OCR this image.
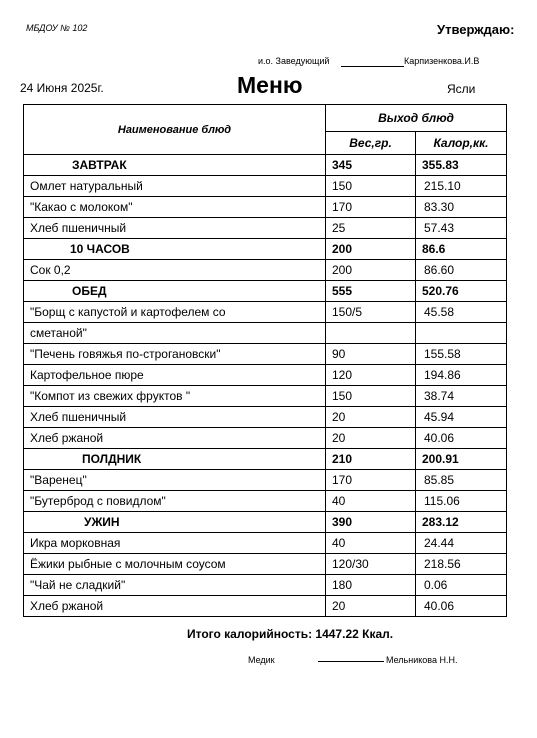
МБДОУ № 102	Утверждаю:
и.о. Заведующий	Карпизенкова.И.В
24 Июня 2025г.	Меню	Ясли
Наименование блюд	Выход блюд	
	Вес,гр.	Калор,кк.
ЗАВТРАК	345	355.83
Омлет натуральный	150	215.10
"Какао с молоком"	170	83.30
Хлеб пшеничный	25	57.43
10 ЧАСОВ	200	86.6
Сок 0,2	200	86.60
ОБЕД	555	520.76
"Борщ с капустой и картофелем со	150/5	45.58
сметаной"		
"Печень говяжья по-строгановски"	90	155.58
Картофельное пюре	120	194.86
"Компот из свежих фруктов "	150	38.74
Хлеб пшеничный	20	45.94
Хлеб ржаной	20	40.06
ПОЛДНИК	210	200.91
"Варенец"	170	85.85
"Бутерброд с повидлом"	40	115.06
УЖИН	390	283.12
Икра морковная	40	24.44
Ёжики рыбные с молочным соусом	120/30	218.56
"Чай не сладкий"	180	0.06
Хлеб ржаной	20	40.06
Итого калорийность: 1447.22 Ккал.
Медик	Мельникова Н.Н.
